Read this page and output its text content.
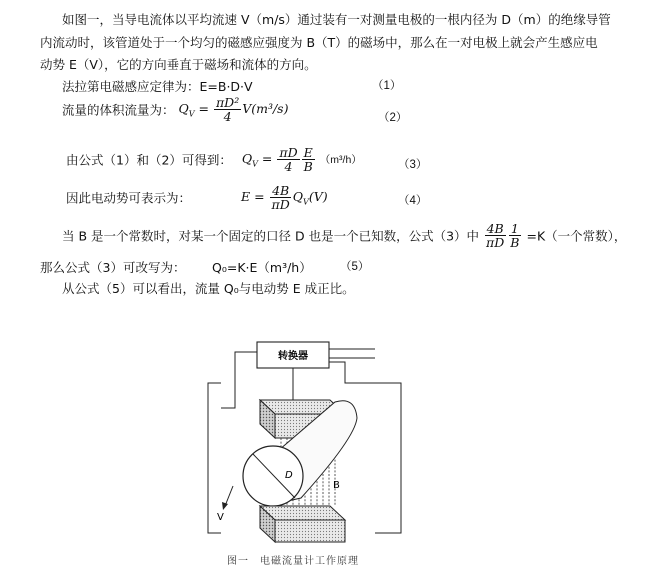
如图一，当导电流体以平均流速 V（m/s）通过装有一对测量电极的一根内径为 D（m）的绝缘导管
内流动时，该管道处于一个均匀的磁感应强度为 B（T）的磁场中，那么在一对电极上就会产生感应电
动势 E（V），它的方向垂直于磁场和流体的方向。
法拉第电磁感应定律为：E=B·D·V	（1）
流量的体积流量为： $Q_V = \frac{\text{πD²}}{4} V(m^3/s)$
（2）
由公式（1）和（2）可得到： $Q_V = \frac{\pi D}{4} \frac{E}{B} (m^3/h)$	（3）
因此电动势可表示为：	$E = \frac{4B}{\pi D} Q_V(V)$	（4）
当 B 是一个常数时，对某一个固定的口径 D 也是一个已知数，公式（3）中 $\frac{4B}{\pi D} \frac{1}{B} =K$（一个常数），
那么公式（3）可改写为： Q₀=K·E（m³/h） （5）
从公式（5）可以看出，流量 Q₀与电动势 E 成正比。
转换器
D
V
B
图一　电磁流量计工作原理
